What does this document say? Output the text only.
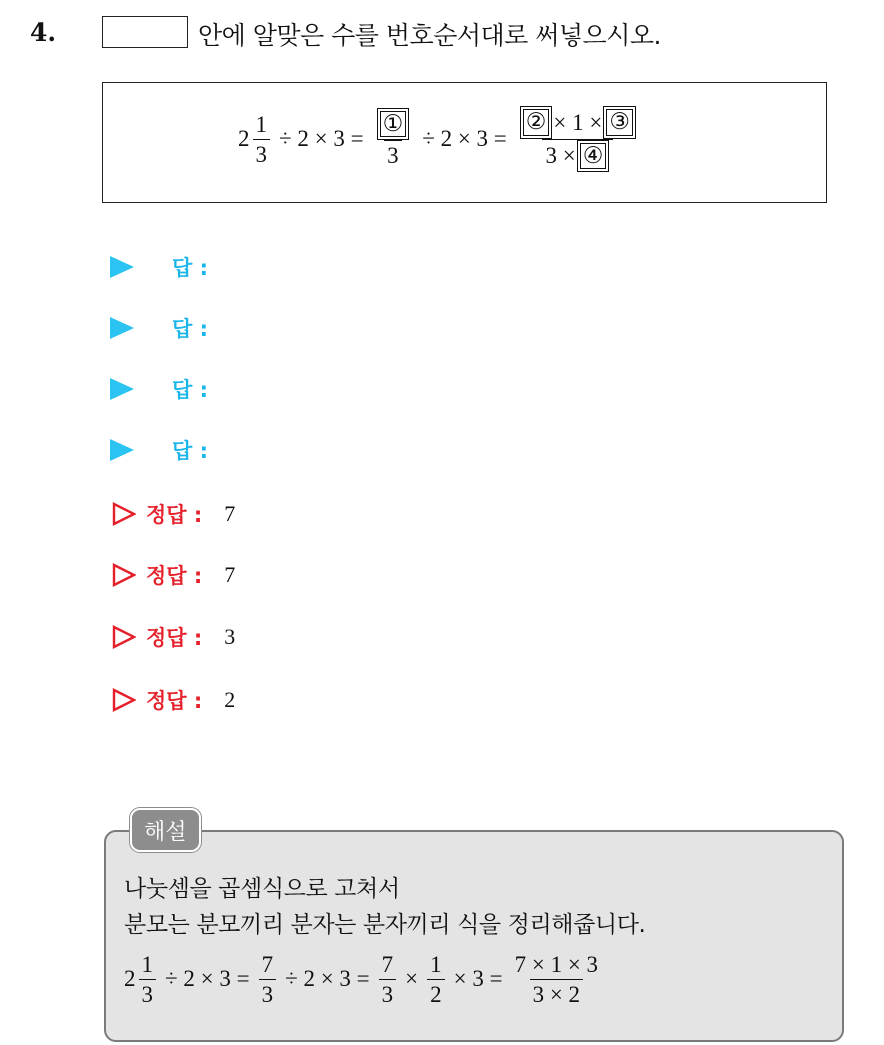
4.	안에 알맞은 수를 번호순서대로 써넣으시오.
$2 \frac{1}{3} \div 2 \times 3 = \frac{\text{①}}{3} \div 2 \times 3 = \frac{\text{② × 1 × ③}}{\text{3 × ④}}$
답 :
답 :
답 :
답 :
정답 : 7
정답 : 7
정답 : 3
정답 : 2
해설
나눗셈을 곱셈식으로 고쳐서
분모는 분모끼리 분자는 분자끼리 식을 정리해줍니다.
$2 \frac{1}{3} \div 2 \times 3 = \frac{7}{3} \div 2 \times 3 = \frac{7}{3} \times \frac{1}{2} \times 3 = \frac{7 \times 1 \times 3}{3 \times 2}$
